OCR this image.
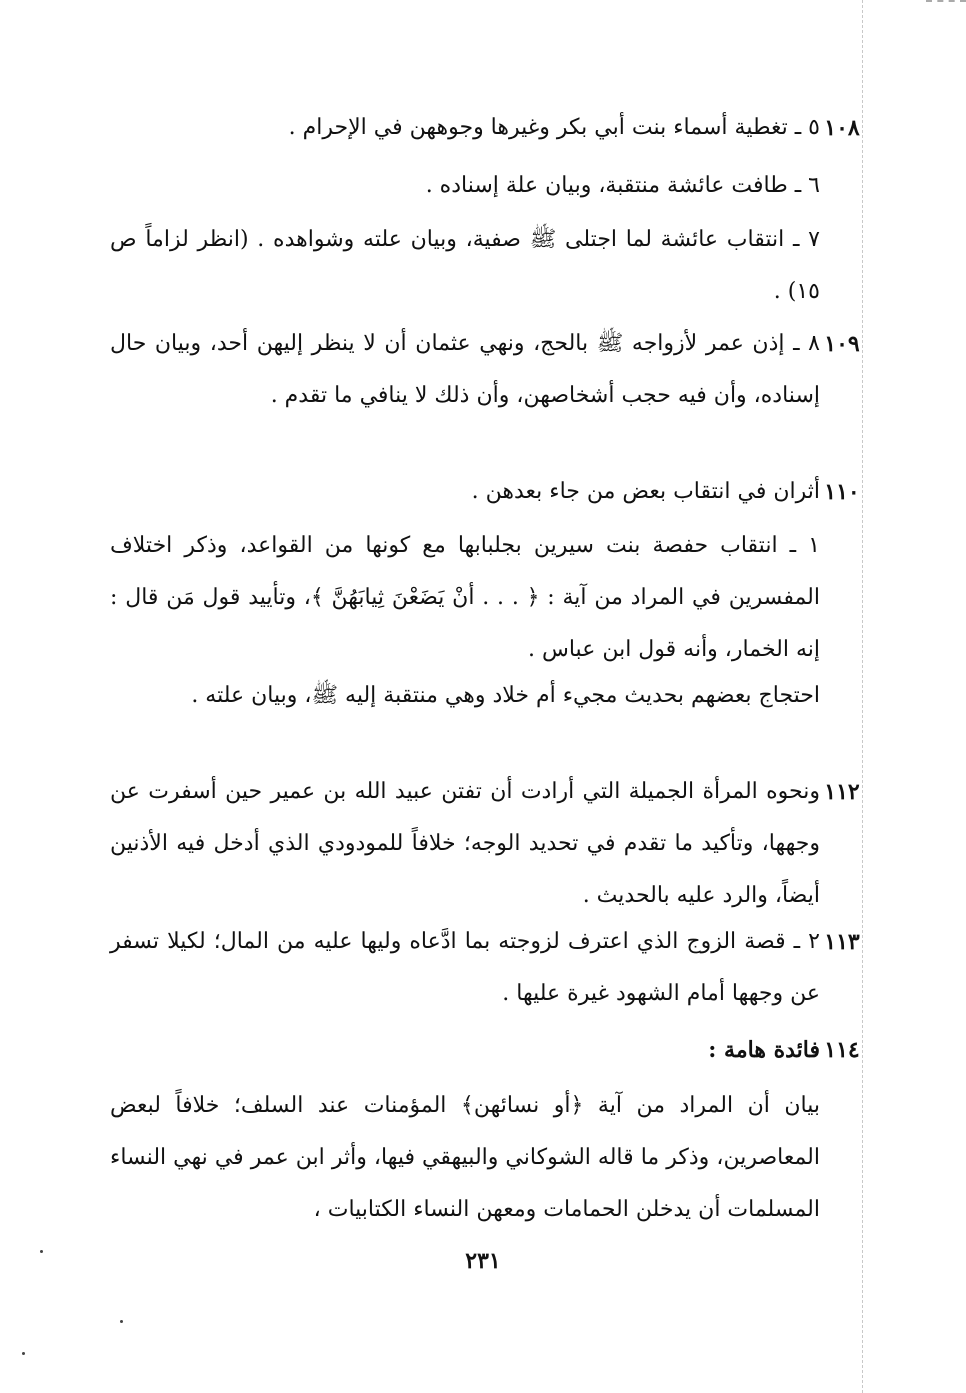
١٠٨
٥ ـ تغطية أسماء بنت أبي بكر وغيرها وجوههن في الإحرام .
٦ ـ طافت عائشة منتقبة، وبيان علة إسناده .
٧ ـ انتقاب عائشة لما اجتلى ﷺ صفية، وبيان علته وشواهده . (انظر لزاماً ص ١٥) .
١٠٩
٨ ـ إذن عمر لأزواجه ﷺ بالحج، ونهي عثمان أن لا ينظر إليهن أحد، وبيان حال إسناده، وأن فيه حجب أشخاصهن، وأن ذلك لا ينافي ما تقدم .
١١٠
أثران في انتقاب بعض من جاء بعدهن .
١ ـ انتقاب حفصة بنت سيرين بجلبابها مع كونها من القواعد، وذكر اختلاف المفسرين في المراد من آية : ﴿ . . . أنْ يَضَعْنَ ثِيابَهُنَّ ﴾، وتأييد قول مَن قال : إنه الخمار، وأنه قول ابن عباس .
احتجاج بعضهم بحديث مجيء أم خلاد وهي منتقبة إليه ﷺ، وبيان علته .
١١٢
ونحوه المرأة الجميلة التي أرادت أن تفتن عبيد الله بن عمير حين أسفرت عن وجهها، وتأكيد ما تقدم في تحديد الوجه؛ خلافاً للمودودي الذي أدخل فيه الأذنين أيضاً، والرد عليه بالحديث .
١١٣
٢ ـ قصة الزوج الذي اعترف لزوجته بما ادَّعاه وليها عليه من المال؛ لكيلا تسفر عن وجهها أمام الشهود غيرة عليها .
١١٤
فائدة هامة :
بيان أن المراد من آية ﴿أو نسائهن﴾ المؤمنات عند السلف؛ خلافاً لبعض المعاصرين، وذكر ما قاله الشوكاني والبيهقي فيها، وأثر ابن عمر في نهي النساء المسلمات أن يدخلن الحمامات ومعهن النساء الكتابيات ،
٢٣١
